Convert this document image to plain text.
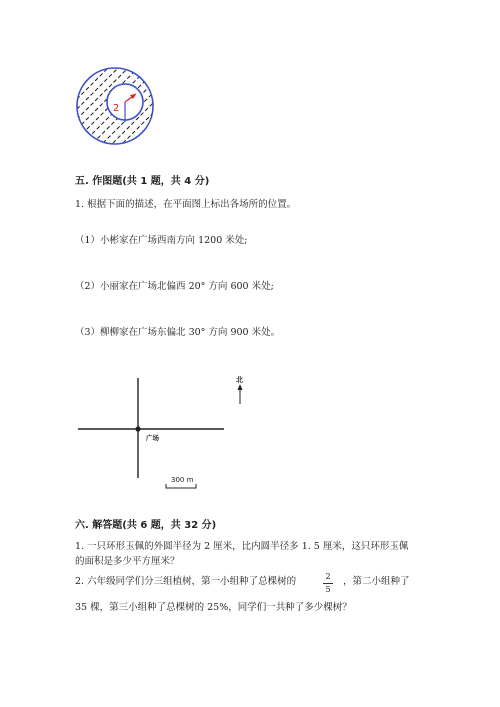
2
五. 作图题(共 1 题，共 4 分)
1. 根据下面的描述，在平面图上标出各场所的位置。
（1）小彬家在广场西南方向 1200 米处;
（2）小丽家在广场北偏西 20° 方向 600 米处;
（3）柳柳家在广场东偏北 30° 方向 900 米处。
广场
北
300 m
六. 解答题(共 6 题，共 32 分)
1. 一只环形玉佩的外圆半径为 2 厘米，比内圆半径多 1. 5 厘米，这只环形玉佩
的面积是多少平方厘米？
2. 六年级同学们分三组植树，第一小组种了总棵树的	2
5
，第二小组种了
35 棵，第三小组种了总棵树的 25%，同学们一共种了多少棵树？
